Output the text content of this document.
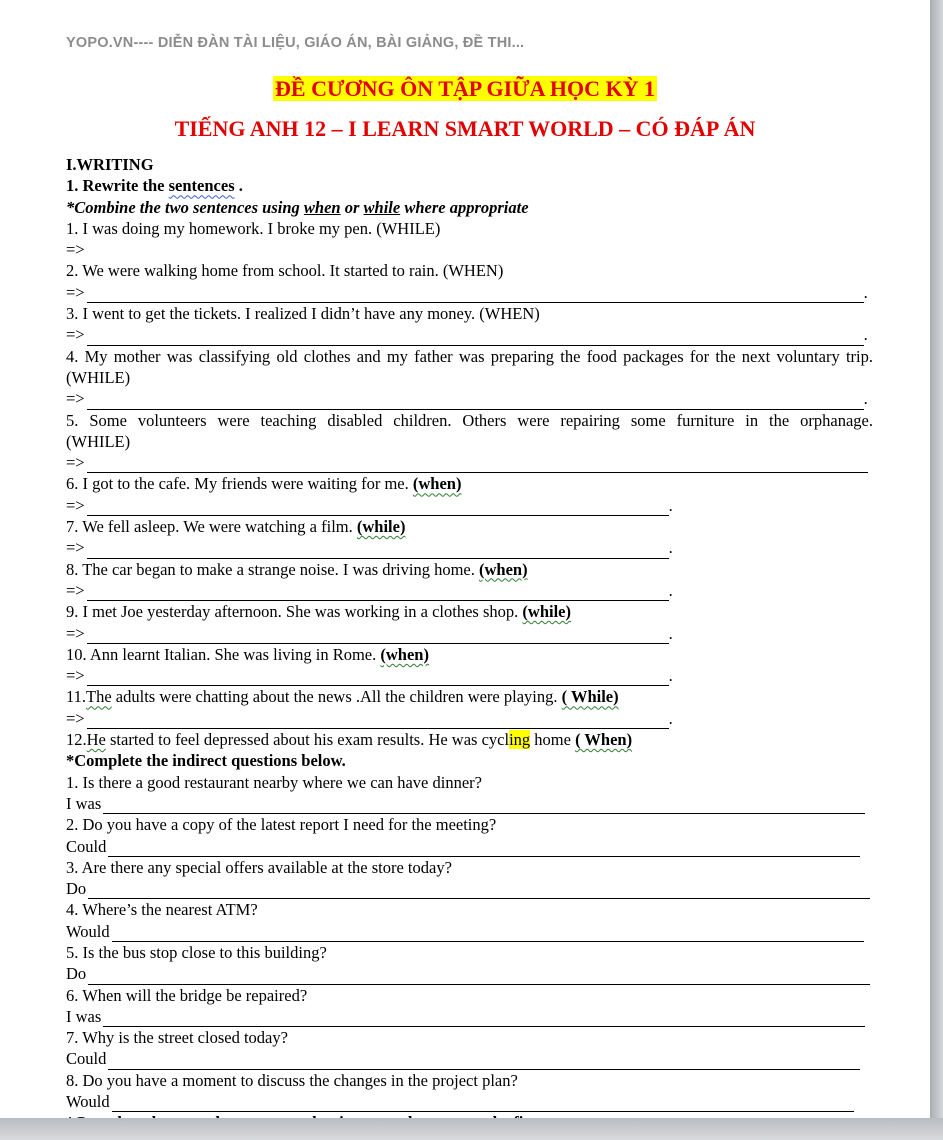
YOPO.VN---- DIỄN ĐÀN TÀI LIỆU, GIÁO ÁN, BÀI GIẢNG, ĐỀ THI...
ĐỀ CƯƠNG ÔN TẬP GIỮA HỌC KỲ 1
TIẾNG ANH 12 – I LEARN SMART WORLD – CÓ ĐÁP ÁN
I.WRITING
1. Rewrite the sentences .
*Combine the two sentences using when or while where appropriate
1. I was doing my homework. I broke my pen. (WHILE)
=>
2. We were walking home from school. It started to rain. (WHEN)
=>	.
3. I went to get the tickets. I realized I didn’t have any money. (WHEN)
=>	.
4. My mother was classifying old clothes and my father was preparing the food packages for the next voluntary trip. (WHILE)
=>	.
5. Some volunteers were teaching disabled children. Others were repairing some furniture in the orphanage.
(WHILE)
=>
6. I got to the cafe. My friends were waiting for me. (when)
=>	.
7. We fell asleep. We were watching a film. (while)
=>	.
8. The car began to make a strange noise. I was driving home. (when)
=>	.
9. I met Joe yesterday afternoon. She was working in a clothes shop. (while)
=>	.
10. Ann learnt Italian. She was living in Rome. (when)
=>	.
11.The adults were chatting about the news .All the children were playing. ( While)
=>	.
12.He started to feel depressed about his exam results. He was cycling home ( When)
*Complete the indirect questions below.
1. Is there a good restaurant nearby where we can have dinner?
I was
2. Do you have a copy of the latest report I need for the meeting?
Could
3. Are there any special offers available at the store today?
Do
4. Where’s the nearest ATM?
Would
5. Is the bus stop close to this building?
Do
6. When will the bridge be repaired?
I was
7. Why is the street closed today?
Could
8. Do you have a moment to discuss the changes in the project plan?
Would
